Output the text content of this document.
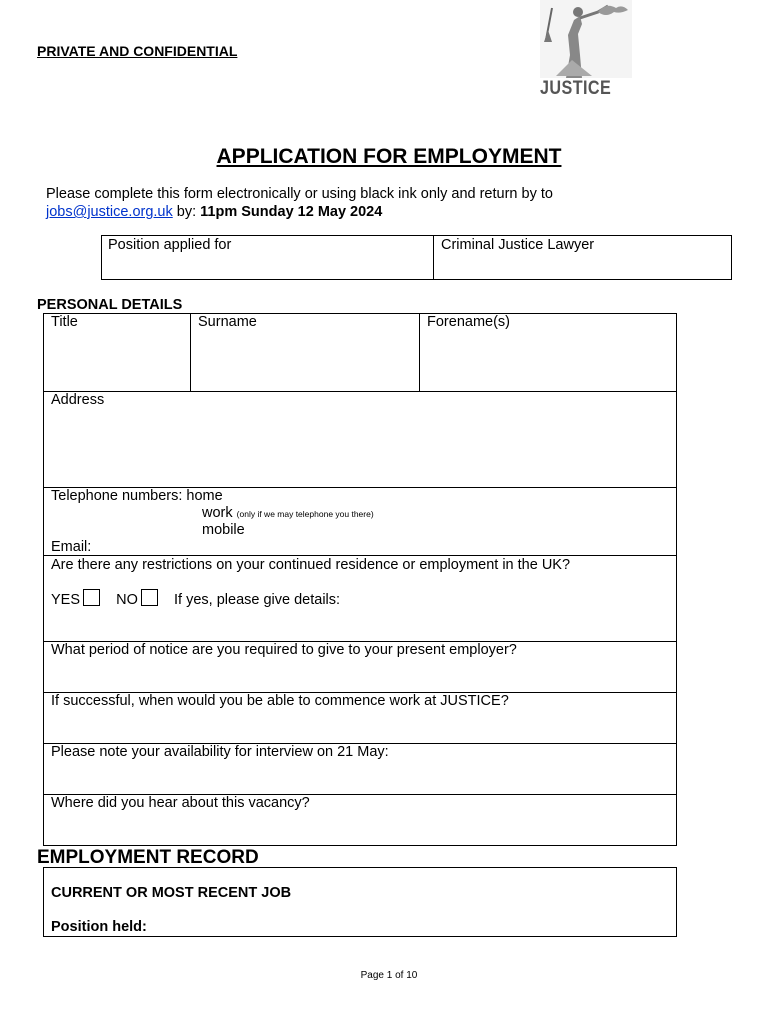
PRIVATE AND CONFIDENTIAL
JUSTICE
APPLICATION FOR EMPLOYMENT
Please complete this form electronically or using black ink only and return by to
jobs@justice.org.uk by: 11pm Sunday 12 May 2024
Position applied for	Criminal Justice Lawyer
PERSONAL DETAILS
Title	Surname	Forename(s)
Address
Telephone numbers: home
work (only if we may telephone you there)
mobile
Email:
Are there any restrictions on your continued residence or employment in the UK?
YES NO If yes, please give details:
What period of notice are you required to give to your present employer?
If successful, when would you be able to commence work at JUSTICE?
Please note your availability for interview on 21 May:
Where did you hear about this vacancy?
EMPLOYMENT RECORD
CURRENT OR MOST RECENT JOB
Position held:
Page 1 of 10
